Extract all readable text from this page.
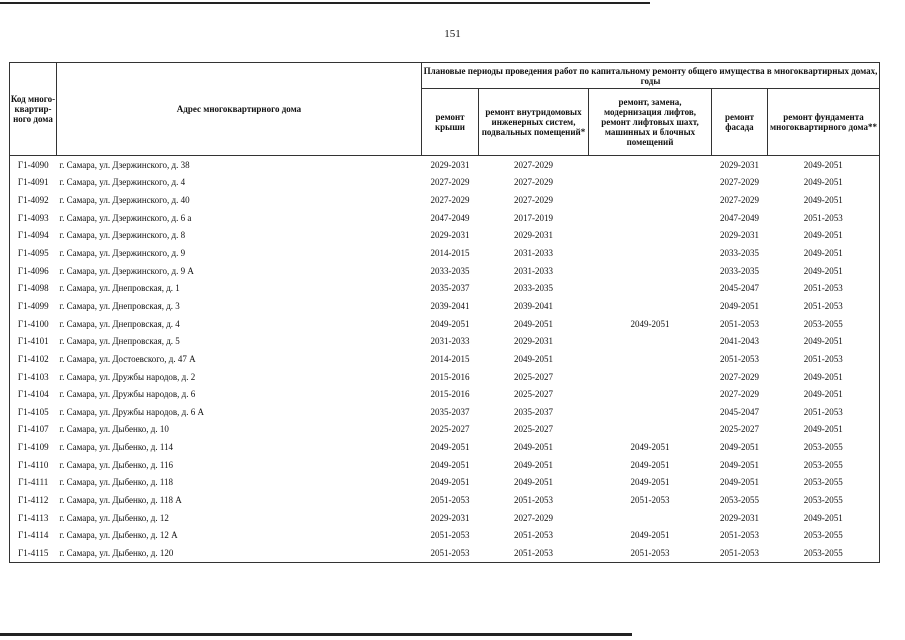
151
Код много-квартир-ного дома	Адрес многоквартирного дома	Плановые периоды проведения работ по капитальному ремонту общего имущества в многоквартирных домах, годы				
		ремонт крыши	ремонт внутридомовых инженерных систем, подвальных помещений*	ремонт, замена, модернизация лифтов, ремонт лифтовых шахт, машинных и блочных помещений	ремонт фасада	ремонт фундамента многоквартирного дома**
Г1-4090	г. Самара, ул. Дзержинского, д. 38	2029-2031	2027-2029		2029-2031	2049-2051
Г1-4091	г. Самара, ул. Дзержинского, д. 4	2027-2029	2027-2029		2027-2029	2049-2051
Г1-4092	г. Самара, ул. Дзержинского, д. 40	2027-2029	2027-2029		2027-2029	2049-2051
Г1-4093	г. Самара, ул. Дзержинского, д. 6 а	2047-2049	2017-2019		2047-2049	2051-2053
Г1-4094	г. Самара, ул. Дзержинского, д. 8	2029-2031	2029-2031		2029-2031	2049-2051
Г1-4095	г. Самара, ул. Дзержинского, д. 9	2014-2015	2031-2033		2033-2035	2049-2051
Г1-4096	г. Самара, ул. Дзержинского, д. 9 А	2033-2035	2031-2033		2033-2035	2049-2051
Г1-4098	г. Самара, ул. Днепровская, д. 1	2035-2037	2033-2035		2045-2047	2051-2053
Г1-4099	г. Самара, ул. Днепровская, д. 3	2039-2041	2039-2041		2049-2051	2051-2053
Г1-4100	г. Самара, ул. Днепровская, д. 4	2049-2051	2049-2051	2049-2051	2051-2053	2053-2055
Г1-4101	г. Самара, ул. Днепровская, д. 5	2031-2033	2029-2031		2041-2043	2049-2051
Г1-4102	г. Самара, ул. Достоевского, д. 47 А	2014-2015	2049-2051		2051-2053	2051-2053
Г1-4103	г. Самара, ул. Дружбы народов, д. 2	2015-2016	2025-2027		2027-2029	2049-2051
Г1-4104	г. Самара, ул. Дружбы народов, д. 6	2015-2016	2025-2027		2027-2029	2049-2051
Г1-4105	г. Самара, ул. Дружбы народов, д. 6 А	2035-2037	2035-2037		2045-2047	2051-2053
Г1-4107	г. Самара, ул. Дыбенко, д. 10	2025-2027	2025-2027		2025-2027	2049-2051
Г1-4109	г. Самара, ул. Дыбенко, д. 114	2049-2051	2049-2051	2049-2051	2049-2051	2053-2055
Г1-4110	г. Самара, ул. Дыбенко, д. 116	2049-2051	2049-2051	2049-2051	2049-2051	2053-2055
Г1-4111	г. Самара, ул. Дыбенко, д. 118	2049-2051	2049-2051	2049-2051	2049-2051	2053-2055
Г1-4112	г. Самара, ул. Дыбенко, д. 118 А	2051-2053	2051-2053	2051-2053	2053-2055	2053-2055
Г1-4113	г. Самара, ул. Дыбенко, д. 12	2029-2031	2027-2029		2029-2031	2049-2051
Г1-4114	г. Самара, ул. Дыбенко, д. 12 А	2051-2053	2051-2053	2049-2051	2051-2053	2053-2055
Г1-4115	г. Самара, ул. Дыбенко, д. 120	2051-2053	2051-2053	2051-2053	2051-2053	2053-2055
